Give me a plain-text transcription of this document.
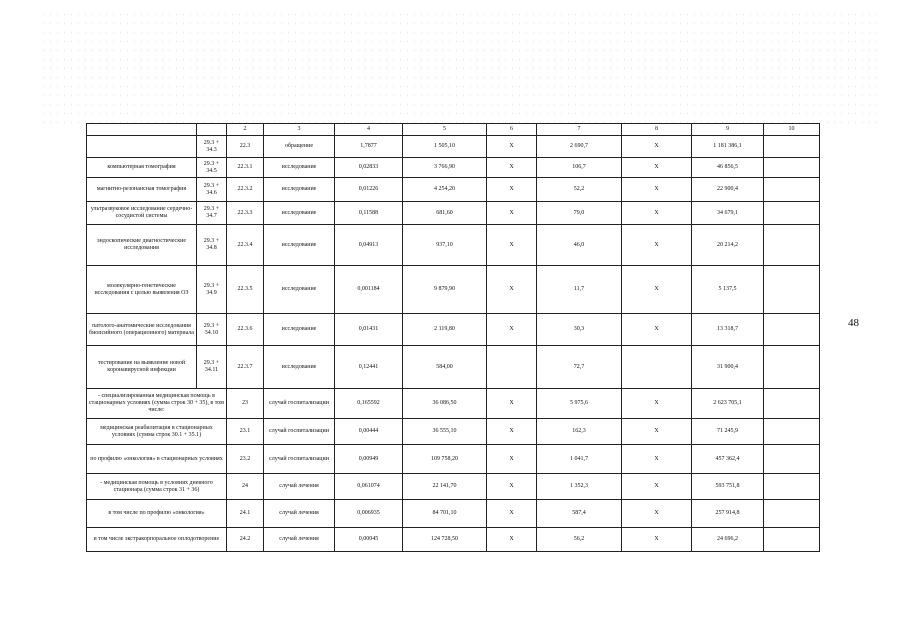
		2	3	4	5	6	7	8	9	10
	29.3 + 34.3	22.3	обращение	1,7877	1 505,10	X	2 690,7	X	1 181 386,1	
компьютерная томография	29.3 + 34.5	22.3.1	исследование	0,02833	3 766,90	X	106,7	X	46 856,5	
магнитно-резонансная томография	29.3 + 34.6	22.3.2	исследование	0,01226	4 254,20	X	52,2	X	22 900,4	
ультразвуковое исследование сердечно-сосудистой системы	29.3 + 34.7	22.3.3	исследование	0,11588	681,60	X	79,0	X	34 679,1	
эндоскопические диагностические исследования	29.3 + 34.8	22.3.4	исследование	0,04913	937,10	X	46,0	X	20 214,2	
молекулярно-генетические исследования с целью выявления ОЗ	29.3 + 34.9	22.3.5	исследование	0,001184	9 879,90	X	11,7	X	5 137,5	
патолого-анатомические исследования биопсийного (операционного) материала	29.3 + 34.10	22.3.6	исследование	0,01431	2 119,80	X	30,3	X	13 318,7	
тестирование на выявление новой коронавирусной инфекции	29.3 + 34.11	22.3.7	исследование	0,12441	584,00		72,7		31 900,4	
- специализированная медицинская помощь в стационарных условиях (сумма строк 30 + 35), в том числе:		23	случай госпитализации	0,165592	36 086,50	X	5 975,6	X	2 623 705,1	
медицинская реабилитация в стационарных условиях (сумма строк 30.1 + 35.1)		23.1	случай госпитализации	0,00444	36 555,10	X	162,3	X	71 245,9	
по профилю «онкология» в стационарных условиях		23.2	случай госпитализации	0,00949	109 758,20	X	1 041,7	X	457 362,4	
- медицинская помощь в условиях дневного стационара (сумма строк 31 + 36)		24	случай лечения	0,061074	22 141,70	X	1 352,3	X	593 751,8	
в том числе по профилю «онкология»		24.1	случай лечения	0,006935	84 701,10	X	587,4	X	257 914,8	
в том числе экстракорпоральное оплодотворение		24.2	случай лечения	0,00045	124 728,50	X	56,2	X	24 696,2	
48
